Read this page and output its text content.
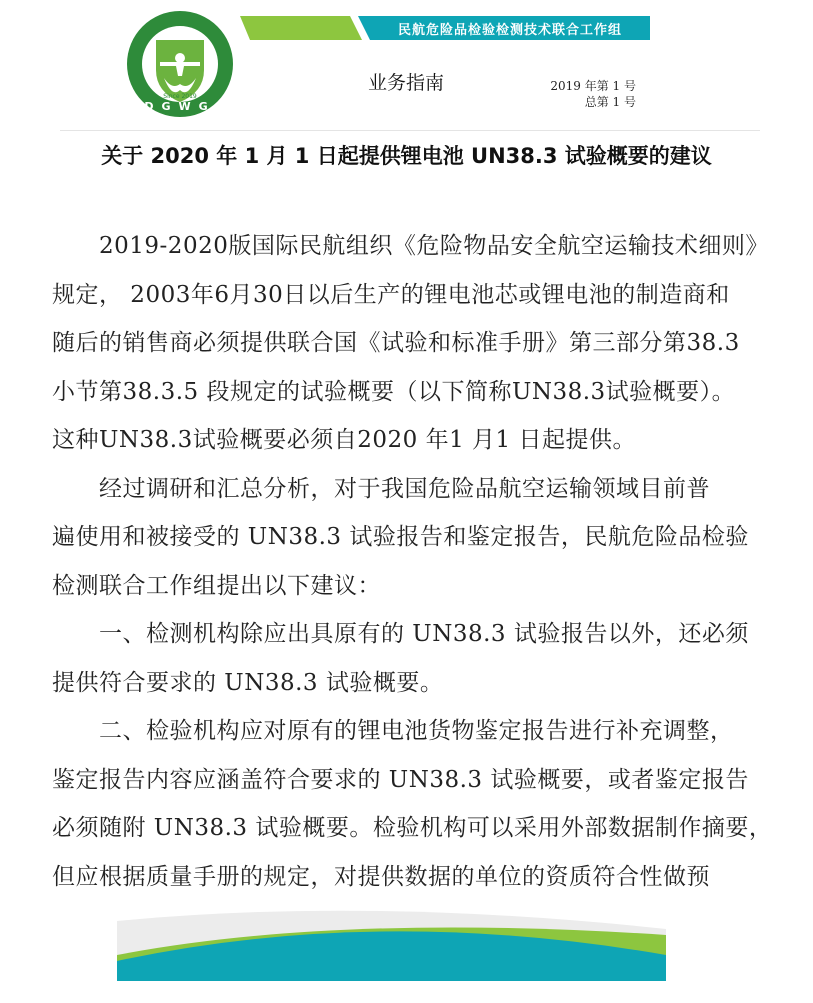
DGWG
Since 2019
民航危险品检验检测技术联合工作组
业务指南	2019 年第 1 号
总第 1 号
关于 2020 年 1 月 1 日起提供锂电池 UN38.3 试验概要的建议
　　2019-2020版国际民航组织《危险物品安全航空运输技术细则》
规定， 2003年6月30日以后生产的锂电池芯或锂电池的制造商和
随后的销售商必须提供联合国《试验和标准手册》第三部分第38.3
小节第38.3.5 段规定的试验概要（以下简称UN38.3试验概要）。
这种UN38.3试验概要必须自2020 年1 月1 日起提供。
　　经过调研和汇总分析，对于我国危险品航空运输领域目前普
遍使用和被接受的 UN38.3 试验报告和鉴定报告，民航危险品检验
检测联合工作组提出以下建议：
　　一、检测机构除应出具原有的 UN38.3 试验报告以外，还必须
提供符合要求的 UN38.3 试验概要。
　　二、检验机构应对原有的锂电池货物鉴定报告进行补充调整，
鉴定报告内容应涵盖符合要求的 UN38.3 试验概要，或者鉴定报告
必须随附 UN38.3 试验概要。检验机构可以采用外部数据制作摘要，
但应根据质量手册的规定，对提供数据的单位的资质符合性做预
